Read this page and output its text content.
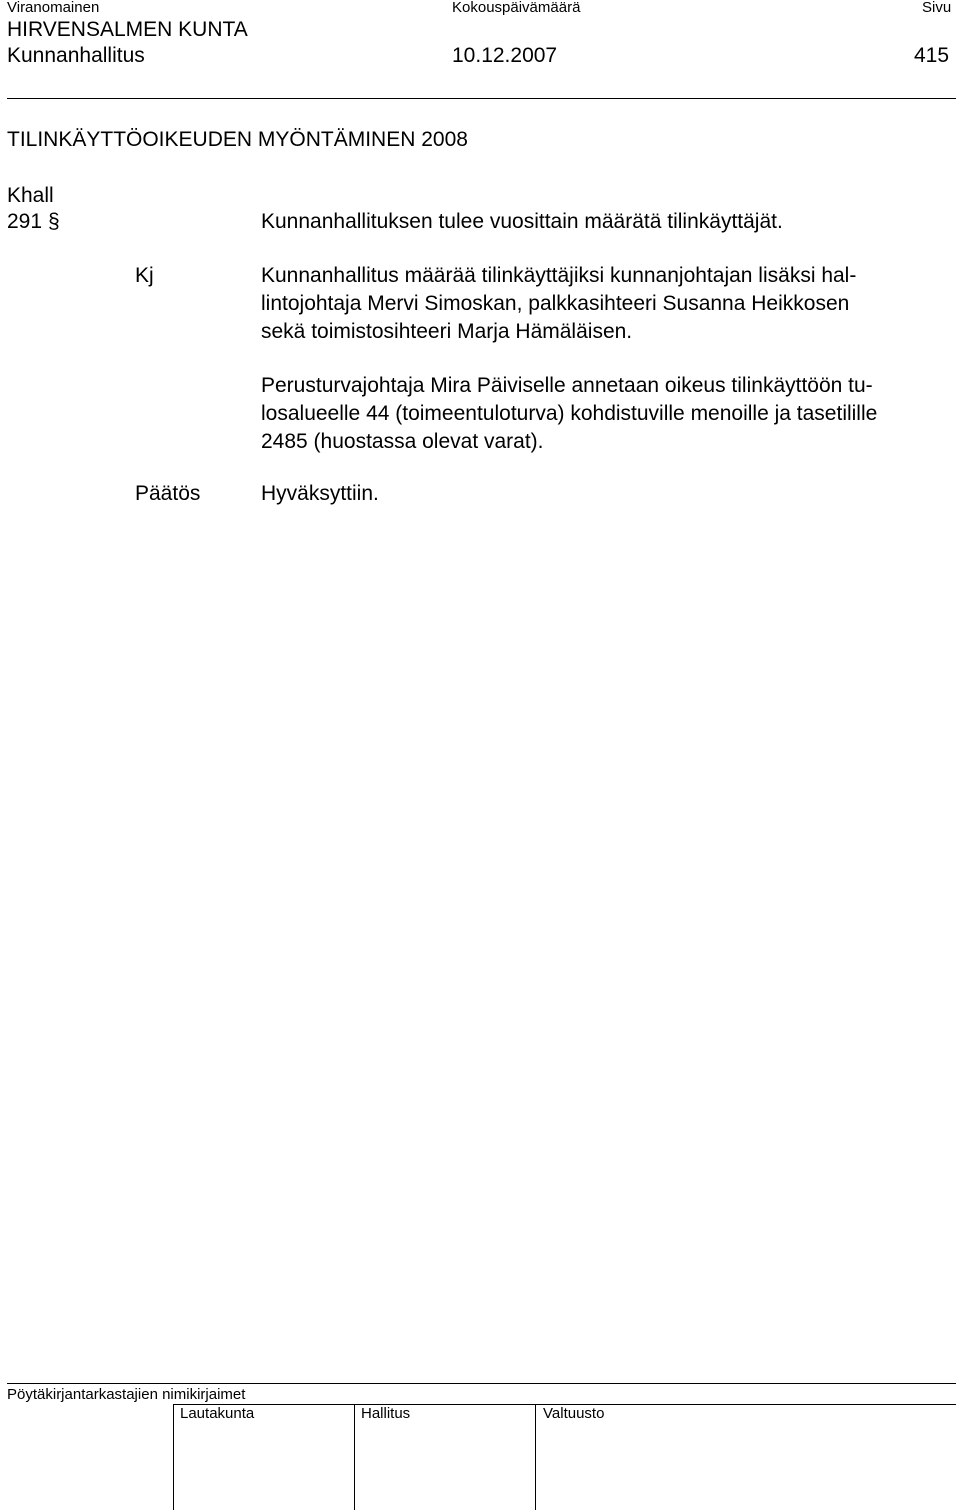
Viranomainen	Kokouspäivämäärä	Sivu
HIRVENSALMEN KUNTA
Kunnanhallitus	10.12.2007	415
TILINKÄYTTÖOIKEUDEN MYÖNTÄMINEN 2008
Khall
291 §	Kunnanhallituksen tulee vuosittain määrätä tilinkäyttäjät.
Kj	Kunnanhallitus määrää tilinkäyttäjiksi kunnanjohtajan lisäksi hal-

lintojohtaja Mervi Simoskan, palkkasihteeri Susanna Heikkosen

sekä toimistosihteeri Marja Hämäläisen.

Perusturvajohtaja Mira Päiviselle annetaan oikeus tilinkäyttöön tu-

losalueelle 44 (toimeentuloturva) kohdistuville menoille ja tasetilille

2485 (huostassa olevat varat).

Päätös	Hyväksyttiin.
Pöytäkirjantarkastajien nimikirjaimet
Lautakunta	Hallitus	Valtuusto
